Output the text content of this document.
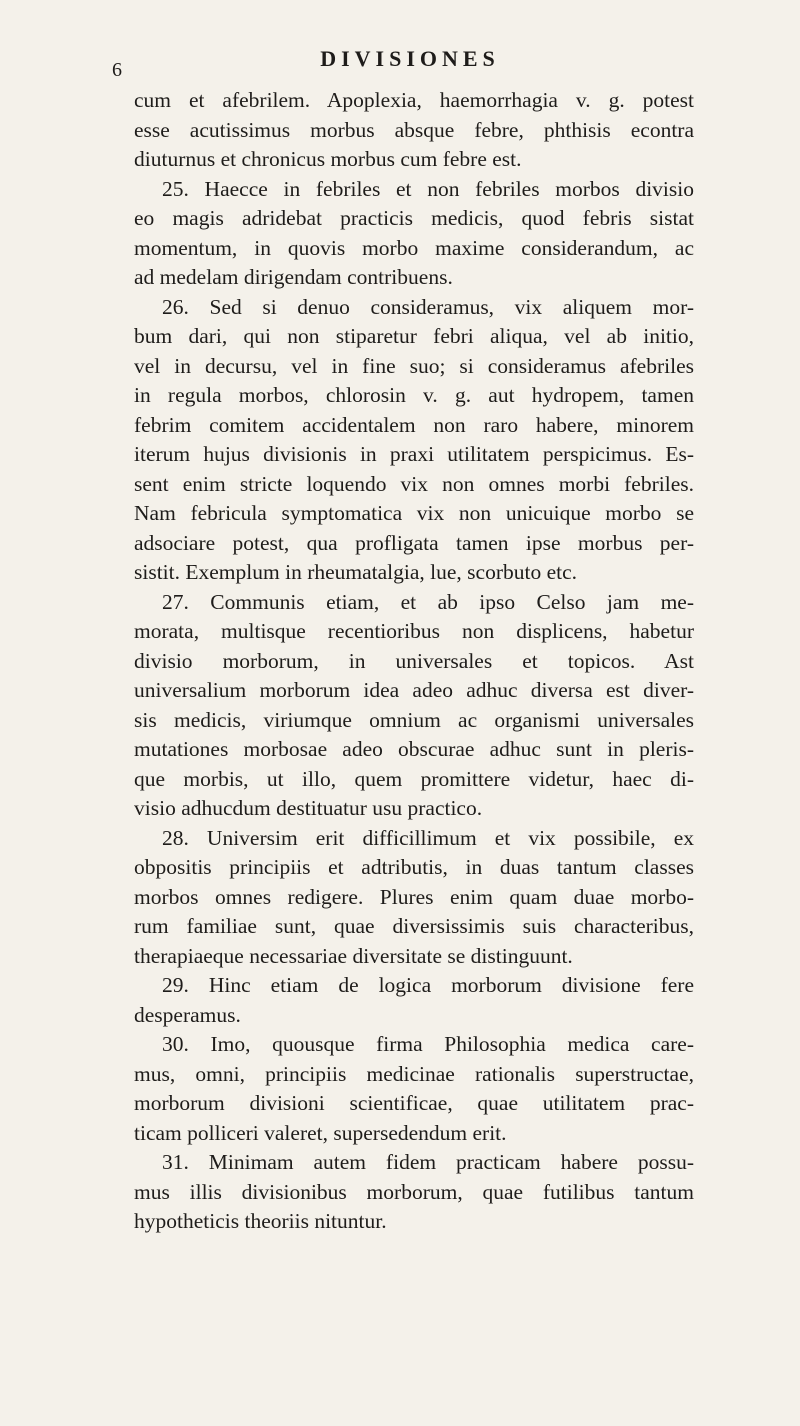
6	DIVISIONES
cum et afebrilem. Apoplexia, haemorrhagia v. g. potest
esse acutissimus morbus absque febre, phthisis econtra
diuturnus et chronicus morbus cum febre est.
25. Haecce in febriles et non febriles morbos divisio
eo magis adridebat practicis medicis, quod febris sistat
momentum, in quovis morbo maxime considerandum, ac
ad medelam dirigendam contribuens.
26. Sed si denuo consideramus, vix aliquem mor-
bum dari, qui non stiparetur febri aliqua, vel ab initio,
vel in decursu, vel in fine suo; si consideramus afebriles
in regula morbos, chlorosin v. g. aut hydropem, tamen
febrim comitem accidentalem non raro habere, minorem
iterum hujus divisionis in praxi utilitatem perspicimus. Es-
sent enim stricte loquendo vix non omnes morbi febriles.
Nam febricula symptomatica vix non unicuique morbo se
adsociare potest, qua profligata tamen ipse morbus per-
sistit. Exemplum in rheumatalgia, lue, scorbuto etc.
27. Communis etiam, et ab ipso Celso jam me-
morata, multisque recentioribus non displicens, habetur
divisio morborum, in universales et topicos. Ast
universalium morborum idea adeo adhuc diversa est diver-
sis medicis, viriumque omnium ac organismi universales
mutationes morbosae adeo obscurae adhuc sunt in pleris-
que morbis, ut illo, quem promittere videtur, haec di-
visio adhucdum destituatur usu practico.
28. Universim erit difficillimum et vix possibile, ex
obpositis principiis et adtributis, in duas tantum classes
morbos omnes redigere. Plures enim quam duae morbo-
rum familiae sunt, quae diversissimis suis characteribus,
therapiaeque necessariae diversitate se distinguunt.
29. Hinc etiam de logica morborum divisione fere
desperamus.
30. Imo, quousque firma Philosophia medica care-
mus, omni, principiis medicinae rationalis superstructae,
morborum divisioni scientificae, quae utilitatem prac-
ticam polliceri valeret, supersedendum erit.
31. Minimam autem fidem practicam habere possu-
mus illis divisionibus morborum, quae futilibus tantum
hypotheticis theoriis nituntur.
